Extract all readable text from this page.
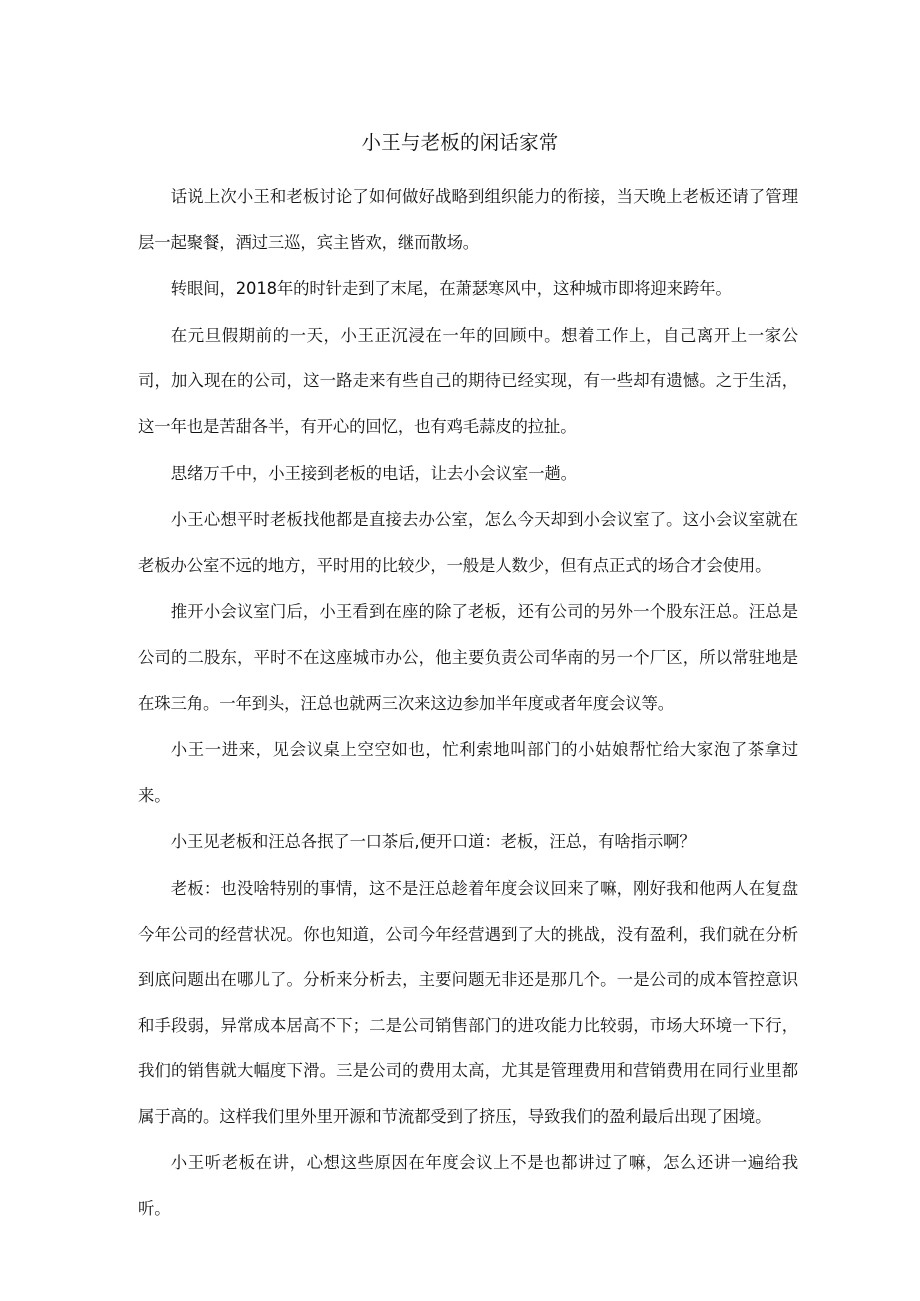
小王与老板的闲话家常

话说上次小王和老板讨论了如何做好战略到组织能力的衔接，当天晚上老板还请了管理层一起聚餐，酒过三巡，宾主皆欢，继而散场。

转眼间，2018年的时针走到了末尾，在萧瑟寒风中，这种城市即将迎来跨年。

在元旦假期前的一天，小王正沉浸在一年的回顾中。想着工作上，自己离开上一家公司，加入现在的公司，这一路走来有些自己的期待已经实现，有一些却有遗憾。之于生活，这一年也是苦甜各半，有开心的回忆，也有鸡毛蒜皮的拉扯。

思绪万千中，小王接到老板的电话，让去小会议室一趟。

小王心想平时老板找他都是直接去办公室，怎么今天却到小会议室了。这小会议室就在老板办公室不远的地方，平时用的比较少，一般是人数少，但有点正式的场合才会使用。

推开小会议室门后，小王看到在座的除了老板，还有公司的另外一个股东汪总。汪总是公司的二股东，平时不在这座城市办公，他主要负责公司华南的另一个厂区，所以常驻地是在珠三角。一年到头，汪总也就两三次来这边参加半年度或者年度会议等。

小王一进来，见会议桌上空空如也，忙利索地叫部门的小姑娘帮忙给大家泡了茶拿过来。

小王见老板和汪总各抿了一口茶后,便开口道：老板，汪总，有啥指示啊？

老板：也没啥特别的事情，这不是汪总趁着年度会议回来了嘛，刚好我和他两人在复盘今年公司的经营状况。你也知道，公司今年经营遇到了大的挑战，没有盈利，我们就在分析到底问题出在哪儿了。分析来分析去，主要问题无非还是那几个。一是公司的成本管控意识和手段弱，异常成本居高不下；二是公司销售部门的进攻能力比较弱，市场大环境一下行，我们的销售就大幅度下滑。三是公司的费用太高，尤其是管理费用和营销费用在同行业里都属于高的。这样我们里外里开源和节流都受到了挤压，导致我们的盈利最后出现了困境。

小王听老板在讲，心想这些原因在年度会议上不是也都讲过了嘛，怎么还讲一遍给我听。
